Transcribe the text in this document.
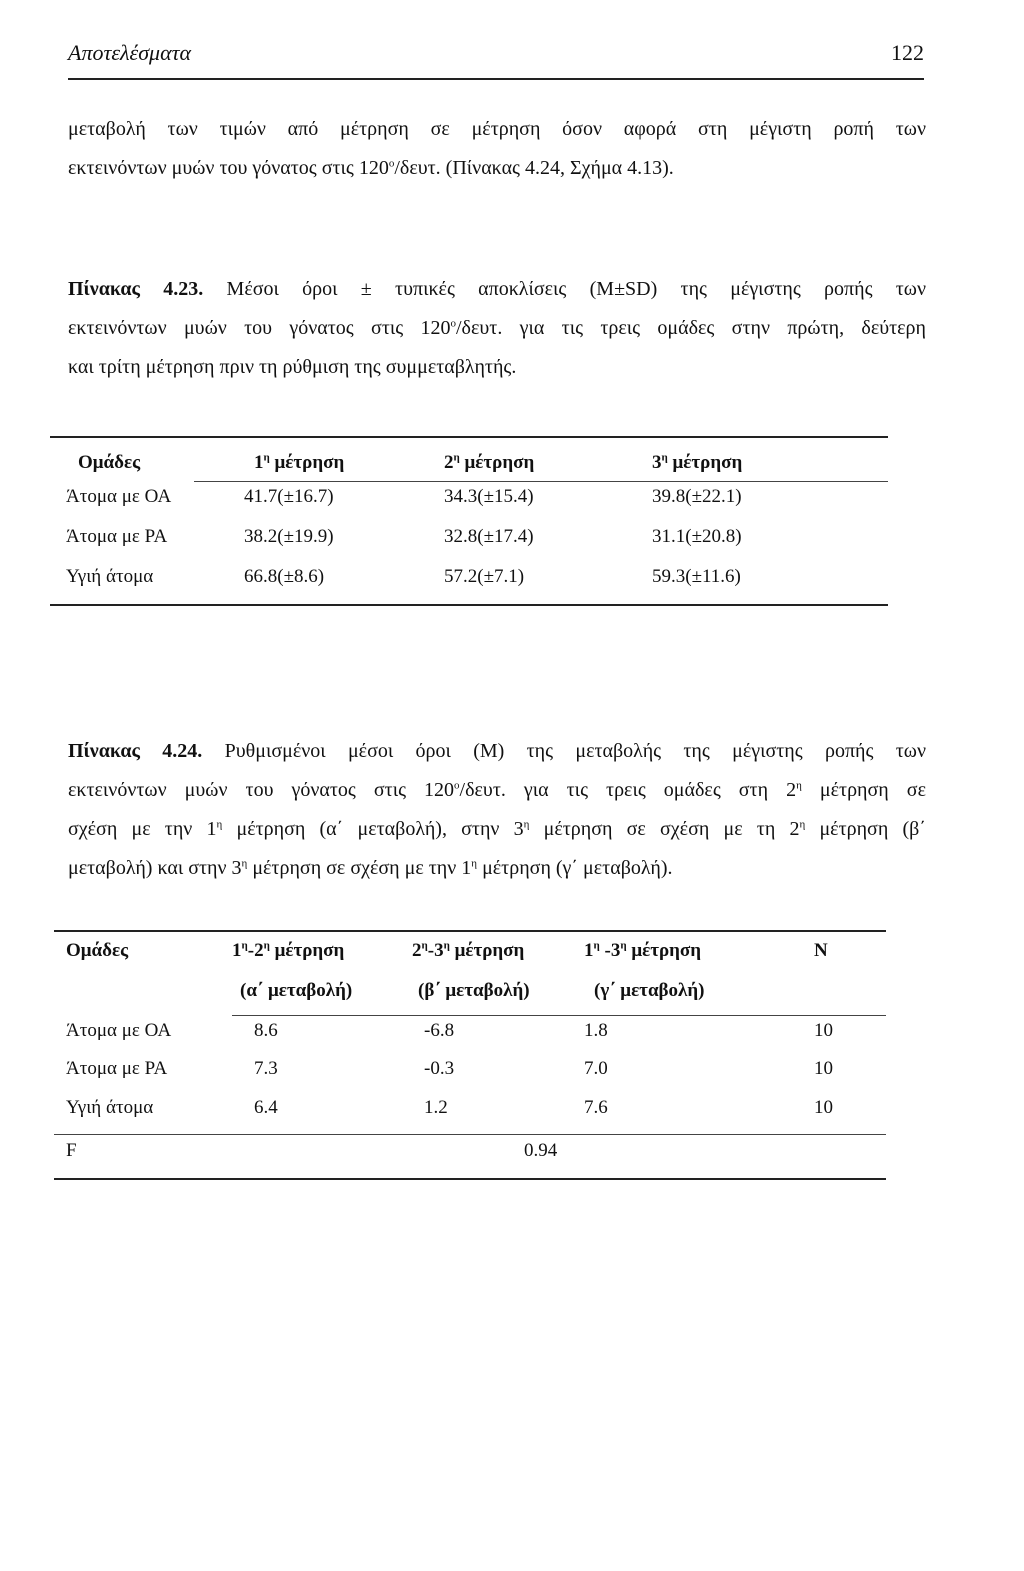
Αποτελέσματα	122
μεταβολή των τιμών από μέτρηση σε μέτρηση όσον αφορά στη μέγιστη ροπή των
εκτεινόντων μυών του γόνατος στις 120$^o$/δευτ. (Πίνακας 4.24, Σχήμα 4.13).
Πίνακας 4.23. Μέσοι όροι ± τυπικές αποκλίσεις (M±SD) της μέγιστης ροπής των
εκτεινόντων μυών του γόνατος στις 120$^o$/δευτ. για τις τρεις ομάδες στην πρώτη, δεύτερη
και τρίτη μέτρηση πριν τη ρύθμιση της συμμεταβλητής.
Ομάδες	$1^\eta$ μέτρηση	$2^\eta$ μέτρηση	$3^\eta$ μέτρηση
Άτομα με ΟΑ	41.7(±16.7)	34.3(±15.4)	39.8(±22.1)
Άτομα με ΡΑ	38.2(±19.9)	32.8(±17.4)	31.1(±20.8)
Υγιή άτομα	66.8(±8.6)	57.2(±7.1)	59.3(±11.6)
Πίνακας 4.24. Ρυθμισμένοι μέσοι όροι (M) της μεταβολής της μέγιστης ροπής των
εκτεινόντων μυών του γόνατος στις 120$^o$/δευτ. για τις τρεις ομάδες στη $2^\eta$ μέτρηση σε
σχέση με την $1^\eta$ μέτρηση (α΄ μεταβολή), στην $3^\eta$ μέτρηση σε σχέση με τη $2^\eta$ μέτρηση (β΄
μεταβολή) και στην $3^\eta$ μέτρηση σε σχέση με την $1^\eta$ μέτρηση (γ΄ μεταβολή).
Ομάδες	$1^\eta-2^\eta$ μέτρηση	$2^\eta-3^\eta$ μέτρηση	$1^\eta$ $-3^\eta$ μέτρηση	N
(α΄ μεταβολή)	(β΄ μεταβολή)	(γ΄ μεταβολή)
Άτομα με ΟΑ	8.6	-6.8	1.8	10
Άτομα με ΡΑ	7.3	-0.3	7.0	10
Υγιή άτομα	6.4	1.2	7.6	10
F	0.94
